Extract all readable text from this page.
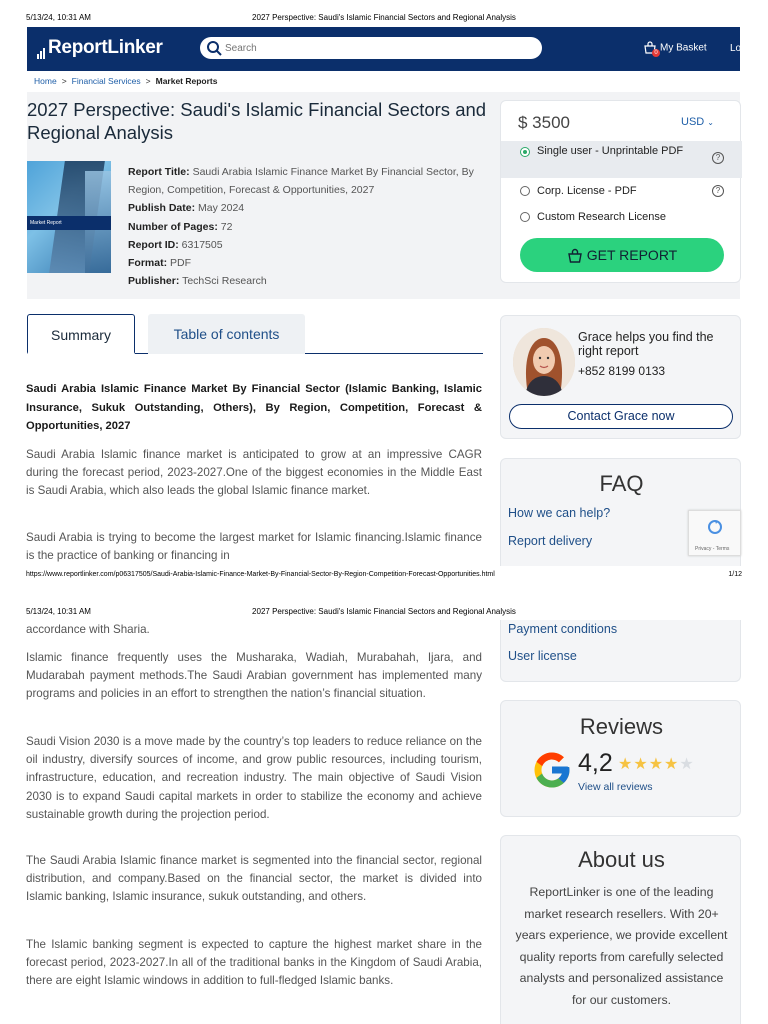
5/13/24, 10:31 AM	2027 Perspective: Saudi's Islamic Financial Sectors and Regional Analysis
ReportLinker
Search	0 My Basket Login
Home > Financial Services > Market Reports
2027 Perspective: Saudi's Islamic Financial Sectors and Regional Analysis
Market Report
Report Title: Saudi Arabia Islamic Finance Market By Financial Sector, By Region, Competition, Forecast & Opportunities, 2027
Publish Date: May 2024
Number of Pages: 72
Report ID: 6317505
Format: PDF
Publisher: TechSci Research
$ 3500	USD ⌄
Single user - Unprintable PDF
?
Corp. License - PDF	?
Custom Research License
GET REPORT
Summary	Table of contents	Grace helps you find the right report
+852 8199 0133
Contact Grace now
FAQ
How we can help?
Report delivery
Privacy - Terms
Saudi Arabia Islamic Finance Market By Financial Sector (Islamic Banking, Islamic Insurance, Sukuk Outstanding, Others), By Region, Competition, Forecast & Opportunities, 2027

Saudi Arabia Islamic finance market is anticipated to grow at an impressive CAGR during the forecast period, 2023-2027.One of the biggest economies in the Middle East is Saudi Arabia, which also leads the global Islamic finance market.

Saudi Arabia is trying to become the largest market for Islamic financing.Islamic finance is the practice of banking or financing in

https://www.reportlinker.com/p06317505/Saudi-Arabia-Islamic-Finance-Market-By-Financial-Sector-By-Region-Competition-Forecast-Opportunities.html	1/12
5/13/24, 10:31 AM	2027 Perspective: Saudi's Islamic Financial Sectors and Regional Analysis
Payment conditions
User license

accordance with Sharia.

Islamic finance frequently uses the Musharaka, Wadiah, Murabahah, Ijara, and Mudarabah payment methods.The Saudi Arabian government has implemented many programs and policies in an effort to strengthen the nation’s financial situation.

Saudi Vision 2030 is a move made by the country’s top leaders to reduce reliance on the oil industry, diversify sources of income, and grow public resources, including tourism, infrastructure, education, and recreation industry. The main objective of Saudi Vision 2030 is to expand Saudi capital markets in order to stabilize the economy and achieve sustainable growth during the projection period.

The Saudi Arabia Islamic finance market is segmented into the financial sector, regional distribution, and company.Based on the financial sector, the market is divided into Islamic banking, Islamic insurance, sukuk outstanding, and others.

The Islamic banking segment is expected to capture the highest market share in the forecast period, 2023-2027.In all of the traditional banks in the Kingdom of Saudi Arabia, there are eight Islamic windows in addition to full-fledged Islamic banks.

Reviews
4,2 ★★★★★
View all reviews
About us
ReportLinker is one of the leading market research resellers. With 20+ years experience, we provide excellent quality reports from carefully selected analysts and personalized assistance for our customers.
